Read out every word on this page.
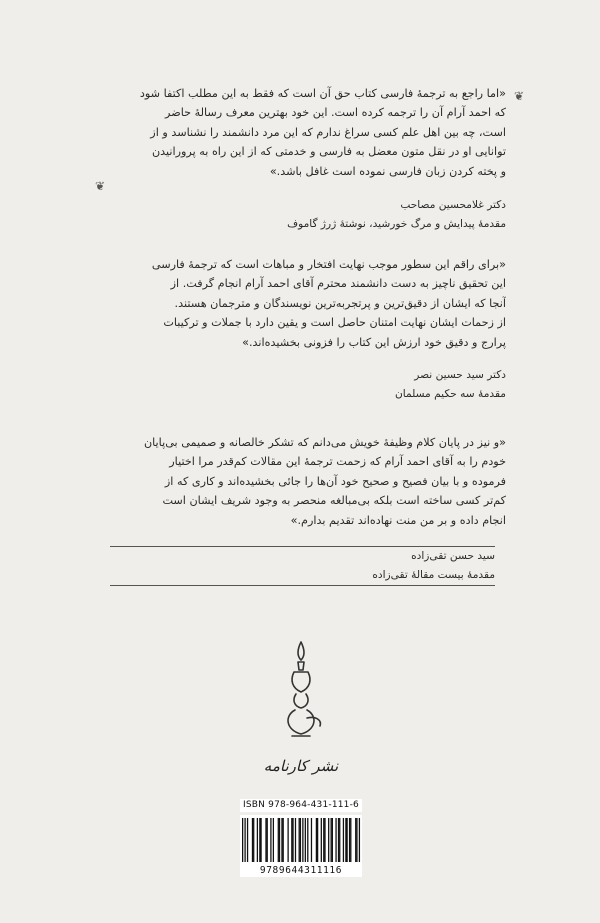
❦
❦
«اما راجع به ترجمهٔ فارسی کتاب حق آن است که فقط به این مطلب اکتفا شود
که احمد آرام آن را ترجمه کرده است. این خود بهترین معرف رسالهٔ حاضر
است، چه بین اهل علم کسی سراغ ندارم که این مرد دانشمند را نشناسد و از
توانایی او در نقل متون معضل به فارسی و خدمتی که از این راه به پرورانیدن
و پخته کردن زبان فارسی نموده است غافل باشد.»
دکتر غلامحسین مصاحب
مقدمهٔ پیدایش و مرگ خورشید، نوشتهٔ ژرژ گاموف
«برای راقم این سطور موجب نهایت افتخار و مباهات است که ترجمهٔ فارسی
این تحقیق ناچیز به دست دانشمند محترم آقای احمد آرام انجام گرفت. از
آنجا که ایشان از دقیق‌ترین و پرتجربه‌ترین نویسندگان و مترجمان هستند.
از زحمات ایشان نهایت امتنان حاصل است و یقین دارد با جملات و ترکیبات
پرارج و دقیق خود ارزش این کتاب را فزونی بخشیده‌اند.»
دکتر سید حسین نصر
مقدمهٔ سه حکیم مسلمان
«و نیز در پایان کلام وظیفهٔ خویش می‌دانم که تشکر خالصانه و صمیمی بی‌پایان
خودم را به آقای احمد آرام که زحمت ترجمهٔ این مقالات کم‌قدر مرا اختیار
فرموده و با بیان فصیح و صحیح خود آن‌ها را جائی بخشیده‌اند و کاری که از
کم‌تر کسی ساخته است بلکه بی‌مبالغه منحصر به وجود شریف ایشان است
انجام داده و بر من منت نهاده‌اند تقدیم بدارم.»
سید حسن تقی‌زاده
مقدمهٔ بیست مقالهٔ تقی‌زاده
نشر کارنامه
ISBN 978-964-431-111-6
9789644311116
